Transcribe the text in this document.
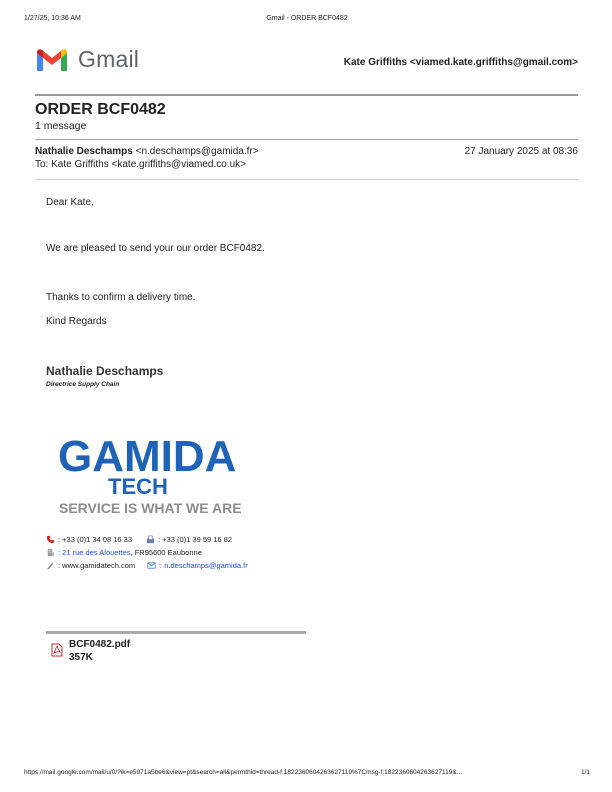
1/27/25, 10:36 AM	Gmail - ORDER BCF0482
Gmail	Kate Griffiths <viamed.kate.griffiths@gmail.com>
ORDER BCF0482
1 message
Nathalie Deschamps <n.deschamps@gamida.fr>	27 January 2025 at 08:36
To: Kate Griffiths <kate.griffiths@viamed.co.uk>
Dear Kate,
We are pleased to send your our order BCF0482.
Thanks to confirm a delivery time.
Kind Regards
Nathalie Deschamps
Directrice Supply Chain
GAMIDA
TECH
SERVICE IS WHAT WE ARE
: +33 (0)1 34 08 16 33	: +33 (0)1 39 59 16 82
: 21 rue des Alouettes , FR95600 Eaubonne
: www.gamidatech.com	: n.deschamps@gamida.fr
BCF0482.pdf
357K
https://mail.google.com/mail/u/0/?ik=e5971a5be6&view=pt&search=all&permthid=thread-f:1822360604263627119%7Cmsg-f:1822360604263627119&...	1/1
